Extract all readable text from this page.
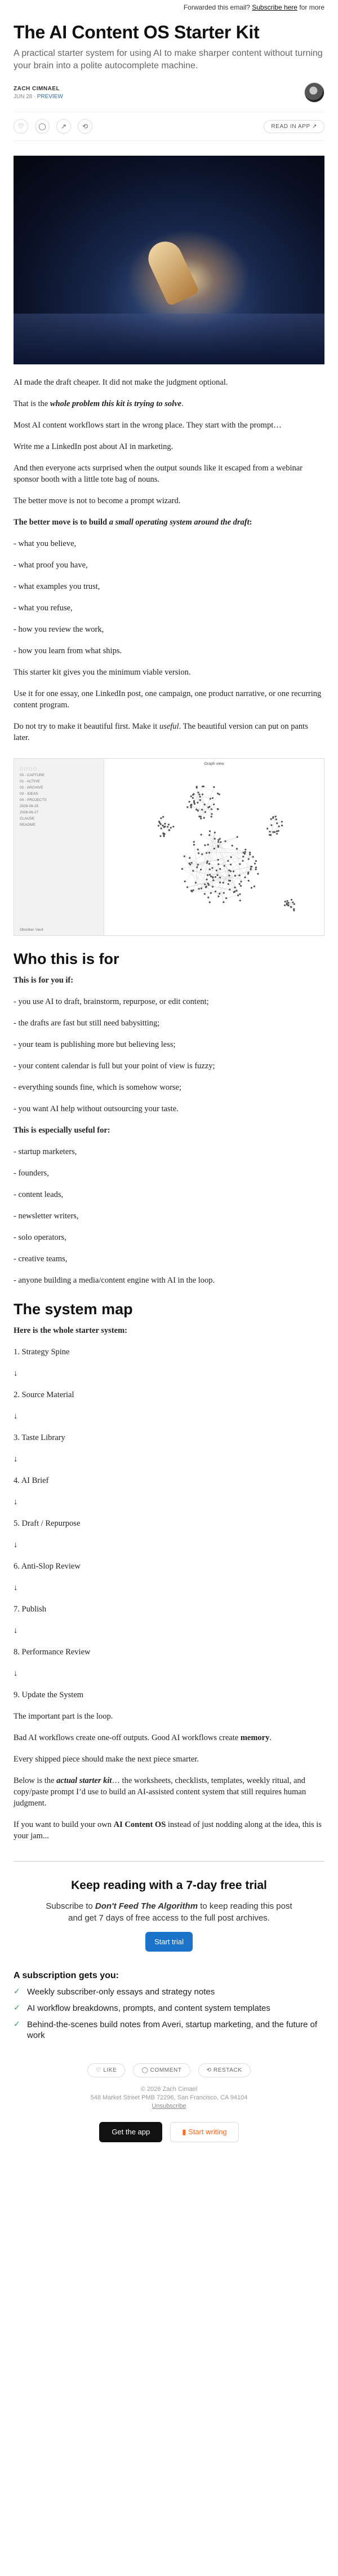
Forwarded this email? Subscribe here for more
The AI Content OS Starter Kit
A practical starter system for using AI to make sharper content without turning your brain into a polite autocomplete machine.
ZACH CIMNAEL
JUN 28 ∙ PREVIEW
♡	◯	↗	⟲	READ IN APP ↗

AI made the draft cheaper. It did not make the judgment optional.

That is the whole problem this kit is trying to solve.

Most AI content workflows start in the wrong place. They start with the prompt…

Write me a LinkedIn post about AI in marketing.

And then everyone acts surprised when the output sounds like it escaped from a webinar sponsor booth with a little tote bag of nouns.

The better move is not to become a prompt wizard.

The better move is to build a small operating system around the draft:

- what you believe,

- what proof you have,

- what examples you trust,

- what you refuse,

- how you review the work,

- how you learn from what ships.

This starter kit gives you the minimum viable version.

Use it for one essay, one LinkedIn post, one campaign, one product narrative, or one recurring content program.

Do not try to make it beautiful first. Make it useful. The beautiful version can put on pants later.

▢ ▢ ▢ ▢
00 - CAPTURE
01 - ACTIVE
02 - ARCHIVE
03 - IDEAS
04 - PROJECTS
2026-06-25
2026-06-27
CLAUDE
README
Obsidian Vault
Graph view
Who this is for

This is for you if:

- you use AI to draft, brainstorm, repurpose, or edit content;

- the drafts are fast but still need babysitting;

- your team is publishing more but believing less;

- your content calendar is full but your point of view is fuzzy;

- everything sounds fine, which is somehow worse;

- you want AI help without outsourcing your taste.

This is especially useful for:

- startup marketers,

- founders,

- content leads,

- newsletter writers,

- solo operators,

- creative teams,

- anyone building a media/content engine with AI in the loop.

The system map

Here is the whole starter system:

1. Strategy Spine

↓

2. Source Material

↓

3. Taste Library

↓

4. AI Brief

↓

5. Draft / Repurpose

↓

6. Anti-Slop Review

↓

7. Publish

↓

8. Performance Review

↓

9. Update the System

The important part is the loop.

Bad AI workflows create one-off outputs. Good AI workflows create memory.

Every shipped piece should make the next piece smarter.

Below is the actual starter kit… the worksheets, checklists, templates, weekly ritual, and copy/paste prompt I’d use to build an AI-assisted content system that still requires human judgment.

If you want to build your own AI Content OS instead of just nodding along at the idea, this is your jam...

Keep reading with a 7-day free trial
Subscribe to Don't Feed The Algorithm to keep reading this post and get 7 days of free access to the full post archives.
Start trial
A subscription gets you:
✓ Weekly subscriber-only essays and strategy notes
✓ AI workflow breakdowns, prompts, and content system templates
✓ Behind-the-scenes build notes from Averi, startup marketing, and the future of work
♡ LIKE	◯ COMMENT	⟲ RESTACK
© 2026 Zach Cimael
548 Market Street PMB 72296, San Francisco, CA 94104
Unsubscribe
Get the app	▮ Start writing
